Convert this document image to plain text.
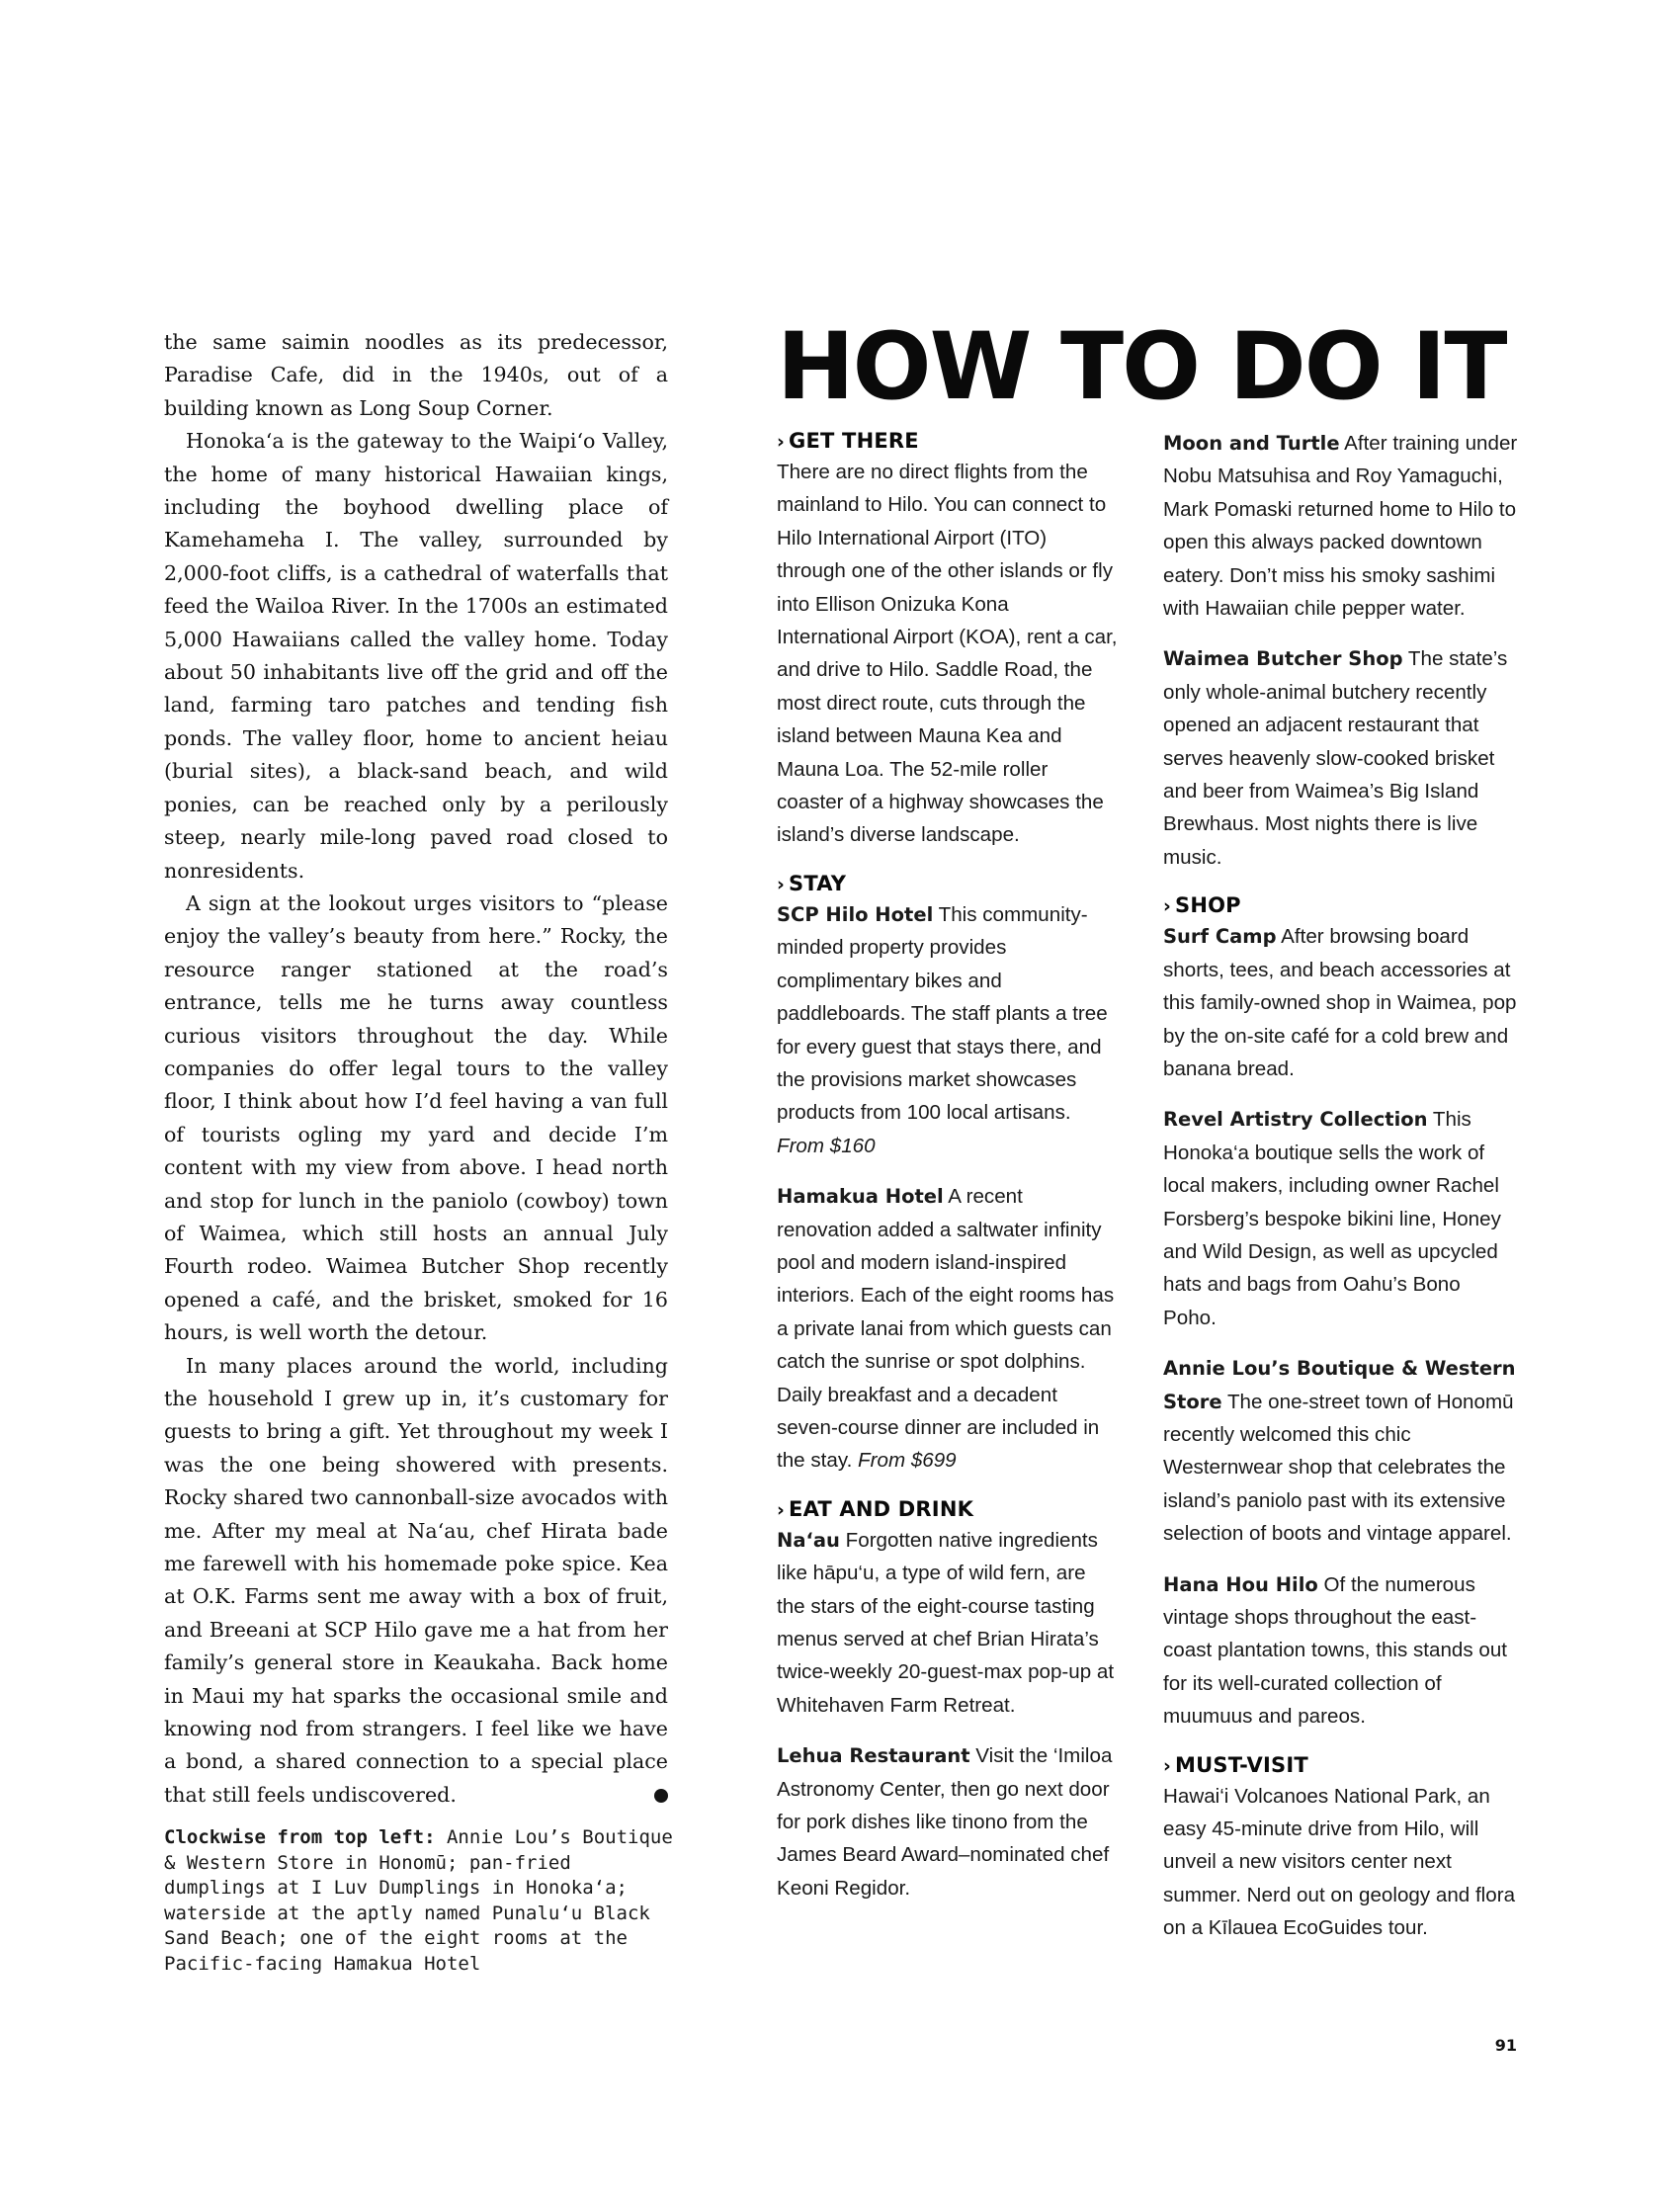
the same saimin noodles as its predecessor, Paradise Cafe, did in the 1940s, out of a building known as Long Soup Corner.

Honoka‘a is the gateway to the Waipi‘o Valley, the home of many historical Hawaiian kings, including the boyhood dwelling place of Kamehameha I. The valley, surrounded by 2,000-foot cliffs, is a cathedral of waterfalls that feed the Wailoa River. In the 1700s an estimated 5,000 Hawaiians called the valley home. Today about 50 inhabitants live off the grid and off the land, farming taro patches and tending fish ponds. The valley floor, home to ancient heiau (burial sites), a black-sand beach, and wild ponies, can be reached only by a perilously steep, nearly mile-long paved road closed to nonresidents.

A sign at the lookout urges visitors to “please enjoy the valley’s beauty from here.” Rocky, the resource ranger stationed at the road’s entrance, tells me he turns away countless curious visitors throughout the day. While companies do offer legal tours to the valley floor, I think about how I’d feel having a van full of tourists ogling my yard and decide I’m content with my view from above. I head north and stop for lunch in the paniolo (cowboy) town of Waimea, which still hosts an annual July Fourth rodeo. Waimea Butcher Shop recently opened a café, and the brisket, smoked for 16 hours, is well worth the detour.

In many places around the world, including the household I grew up in, it’s customary for guests to bring a gift. Yet throughout my week I was the one being showered with presents. Rocky shared two cannonball-size avocados with me. After my meal at Na‘au, chef Hirata bade me farewell with his homemade poke spice. Kea at O.K. Farms sent me away with a box of fruit, and Breeani at SCP Hilo gave me a hat from her family’s general store in Keaukaha. Back home in Maui my hat sparks the occasional smile and knowing nod from strangers. I feel like we have a bond, a shared connection to a special place that still feels undiscovered.	T

Clockwise from top left: Annie Lou’s Boutique & Western Store in Honomū; pan-fried dumplings at I Luv Dumplings in Honoka‘a; waterside at the aptly named Punalu‘u Black Sand Beach; one of the eight rooms at the Pacific-facing Hamakua Hotel
HOW TO DO IT
› GET THERE
There are no direct flights from the mainland to Hilo. You can connect to Hilo International Airport (ITO) through one of the other islands or fly into Ellison Onizuka Kona International Airport (KOA), rent a car, and drive to Hilo. Saddle Road, the most direct route, cuts through the island between Mauna Kea and Mauna Loa. The 52-mile roller coaster of a highway showcases the island’s diverse landscape.
› STAY
SCP Hilo Hotel This community-minded property provides complimentary bikes and paddleboards. The staff plants a tree for every guest that stays there, and the provisions market showcases products from 100 local artisans. From $160
Hamakua Hotel A recent renovation added a saltwater infinity pool and modern island-inspired interiors. Each of the eight rooms has a private lanai from which guests can catch the sunrise or spot dolphins. Daily breakfast and a decadent seven-course dinner are included in the stay. From $699
› EAT AND DRINK
Na‘au Forgotten native ingredients like hāpu‘u, a type of wild fern, are the stars of the eight-course tasting menus served at chef Brian Hirata’s twice-weekly 20-guest-max pop-up at Whitehaven Farm Retreat.
Lehua Restaurant Visit the ‘Imiloa Astronomy Center, then go next door for pork dishes like tinono from the James Beard Award–nominated chef Keoni Regidor.
Moon and Turtle After training under Nobu Matsuhisa and Roy Yamaguchi, Mark Pomaski returned home to Hilo to open this always packed downtown eatery. Don’t miss his smoky sashimi with Hawaiian chile pepper water.
Waimea Butcher Shop The state’s only whole-animal butchery recently opened an adjacent restaurant that serves heavenly slow-cooked brisket and beer from Waimea’s Big Island Brewhaus. Most nights there is live music.
› SHOP
Surf Camp After browsing board shorts, tees, and beach accessories at this family-owned shop in Waimea, pop by the on-site café for a cold brew and banana bread.
Revel Artistry Collection This Honoka‘a boutique sells the work of local makers, including owner Rachel Forsberg’s bespoke bikini line, Honey and Wild Design, as well as upcycled hats and bags from Oahu’s Bono Poho.
Annie Lou’s Boutique & Western Store The one-street town of Honomū recently welcomed this chic Westernwear shop that celebrates the island’s paniolo past with its extensive selection of boots and vintage apparel.
Hana Hou Hilo Of the numerous vintage shops throughout the east-coast plantation towns, this stands out for its well-curated collection of muumuus and pareos.
› MUST-VISIT
Hawai‘i Volcanoes National Park, an easy 45-minute drive from Hilo, will unveil a new visitors center next summer. Nerd out on geology and flora on a Kīlauea EcoGuides tour.
91
